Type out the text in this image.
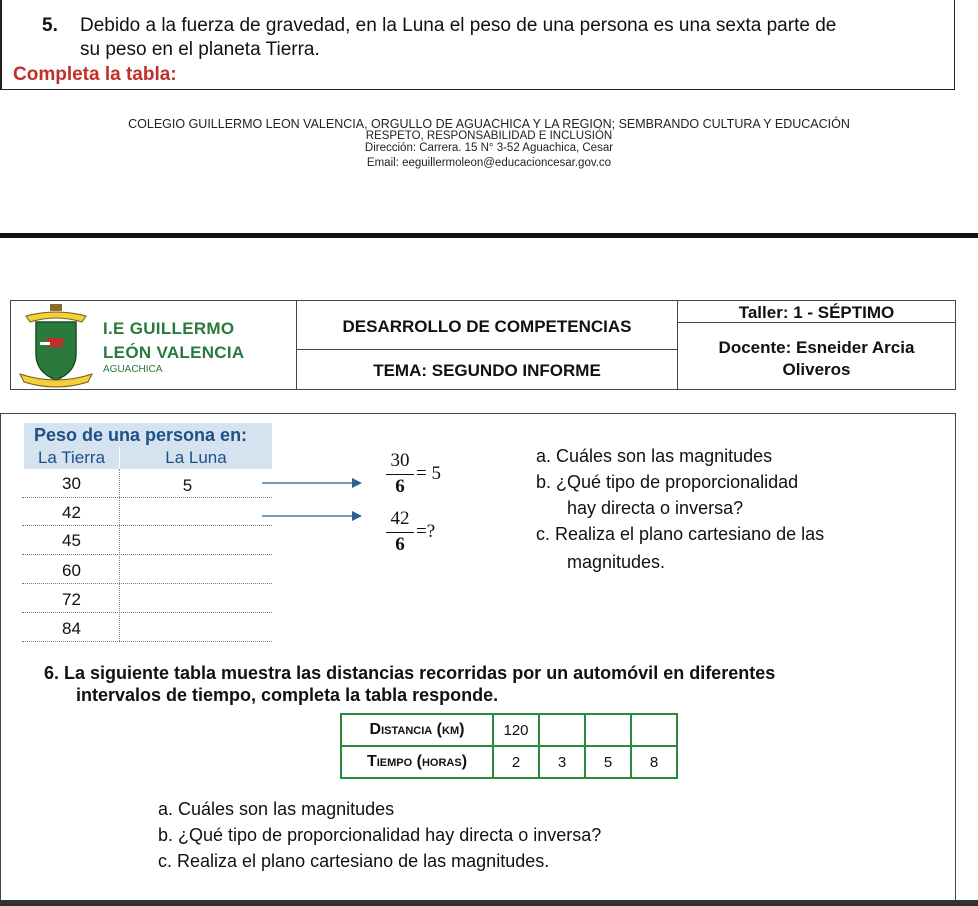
5. Debido a la fuerza de gravedad, en la Luna el peso de una persona es una sexta parte de
su peso en el planeta Tierra.
Completa la tabla:
COLEGIO GUILLERMO LEON VALENCIA, ORGULLO DE AGUACHICA Y LA REGION; SEMBRANDO CULTURA Y EDUCACIÓN
RESPETO, RESPONSABILIDAD E INCLUSIÓN
Dirección: Carrera. 15 N° 3-52 Aguachica, Cesar
Email: eeguillermoleon@educacioncesar.gov.co
I.E GUILLERMO
LEÓN VALENCIA
AGUACHICA
DESARROLLO DE COMPETENCIAS
TEMA: SEGUNDO INFORME
Taller: 1 - SÉPTIMO
Docente: Esneider Arcia
Oliveros
Peso de una persona en:
La Tierra	La Luna
30	5
42
45
60
72
84
30
6
= 5
42
6
=?
a. Cuáles son las magnitudes
b. ¿Qué tipo de proporcionalidad
hay directa o inversa?
c. Realiza el plano cartesiano de las
magnitudes.
6. La siguiente tabla muestra las distancias recorridas por un automóvil en diferentes
intervalos de tiempo, completa la tabla responde.
Distancia (km)	120			
Tiempo (horas)	2	3	5	8
a. Cuáles son las magnitudes
b. ¿Qué tipo de proporcionalidad hay directa o inversa?
c. Realiza el plano cartesiano de las magnitudes.
